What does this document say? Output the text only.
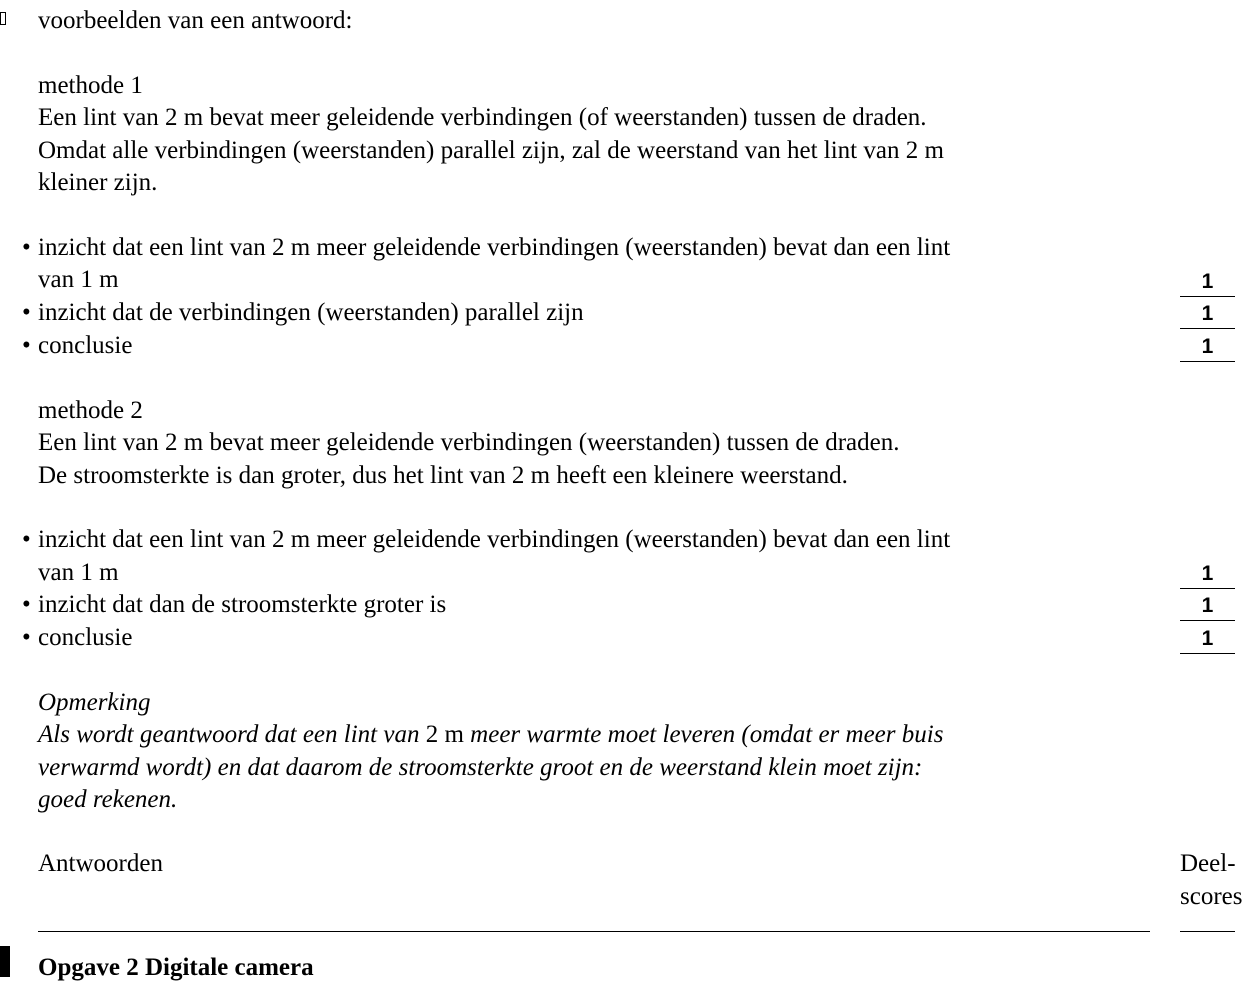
voorbeelden van een antwoord:
methode 1
Een lint van 2 m bevat meer geleidende verbindingen (of weerstanden) tussen de draden.
Omdat alle verbindingen (weerstanden) parallel zijn, zal de weerstand van het lint van 2 m
kleiner zijn.
• inzicht dat een lint van 2 m meer geleidende verbindingen (weerstanden) bevat dan een lint
van 1 m	1
• inzicht dat de verbindingen (weerstanden) parallel zijn	1
• conclusie	1
methode 2
Een lint van 2 m bevat meer geleidende verbindingen (weerstanden) tussen de draden.
De stroomsterkte is dan groter, dus het lint van 2 m heeft een kleinere weerstand.
• inzicht dat een lint van 2 m meer geleidende verbindingen (weerstanden) bevat dan een lint
van 1 m	1
• inzicht dat dan de stroomsterkte groter is	1
• conclusie	1
Opmerking
Als wordt geantwoord dat een lint van 2 m meer warmte moet leveren (omdat er meer buis
verwarmd wordt) en dat daarom de stroomsterkte groot en de weerstand klein moet zijn:
goed rekenen.
Antwoorden	Deel-
scores
Opgave 2 Digitale camera
